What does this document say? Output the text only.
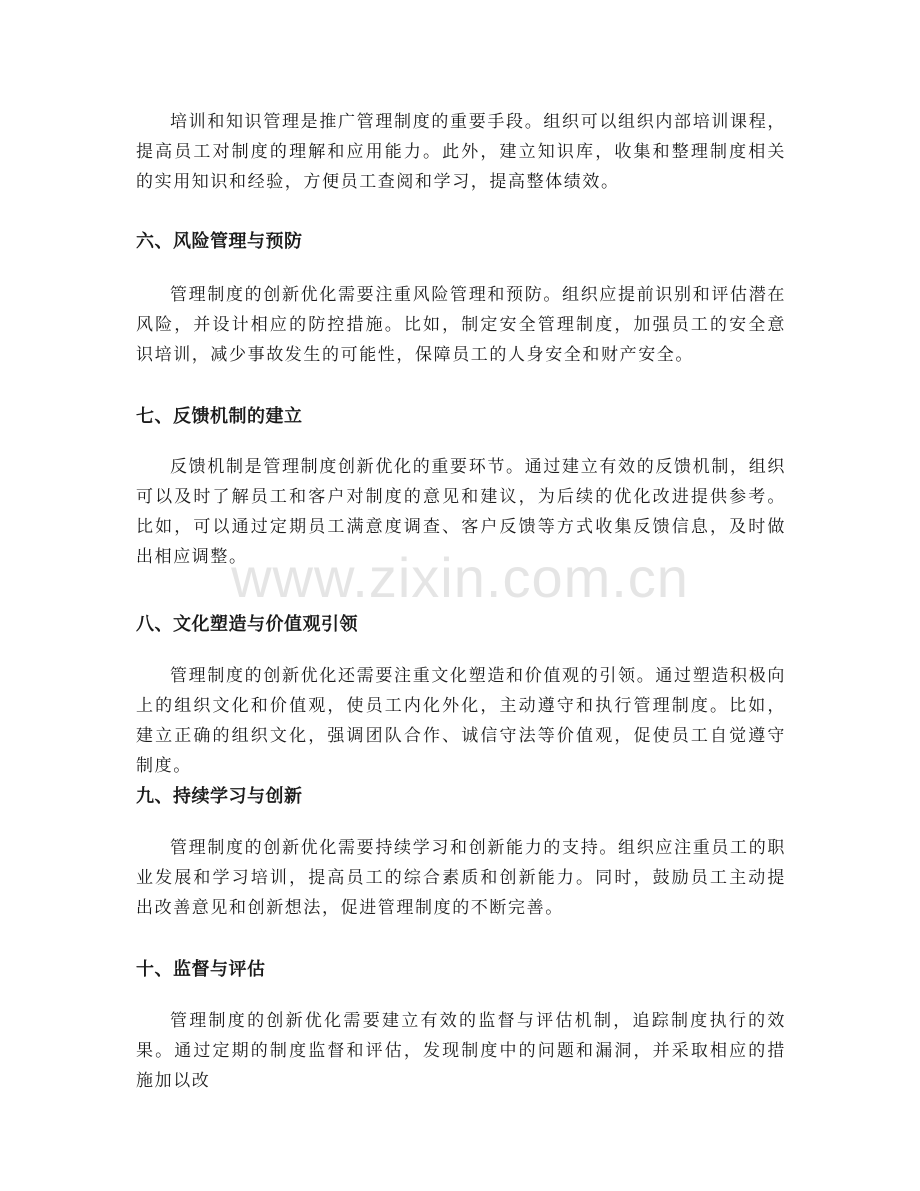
培训和知识管理是推广管理制度的重要手段。组织可以组织内部培训课程，提高员工对制度的理解和应用能力。此外，建立知识库，收集和整理制度相关的实用知识和经验，方便员工查阅和学习，提高整体绩效。

六、风险管理与预防

管理制度的创新优化需要注重风险管理和预防。组织应提前识别和评估潜在风险，并设计相应的防控措施。比如，制定安全管理制度，加强员工的安全意识培训，减少事故发生的可能性，保障员工的人身安全和财产安全。

七、反馈机制的建立

反馈机制是管理制度创新优化的重要环节。通过建立有效的反馈机制，组织可以及时了解员工和客户对制度的意见和建议，为后续的优化改进提供参考。比如，可以通过定期员工满意度调查、客户反馈等方式收集反馈信息，及时做出相应调整。

八、文化塑造与价值观引领

管理制度的创新优化还需要注重文化塑造和价值观的引领。通过塑造积极向上的组织文化和价值观，使员工内化外化，主动遵守和执行管理制度。比如，建立正确的组织文化，强调团队合作、诚信守法等价值观，促使员工自觉遵守制度。

九、持续学习与创新

管理制度的创新优化需要持续学习和创新能力的支持。组织应注重员工的职业发展和学习培训，提高员工的综合素质和创新能力。同时，鼓励员工主动提出改善意见和创新想法，促进管理制度的不断完善。

十、监督与评估

管理制度的创新优化需要建立有效的监督与评估机制，追踪制度执行的效果。通过定期的制度监督和评估，发现制度中的问题和漏洞，并采取相应的措施加以改

www.zixin.com.cn
